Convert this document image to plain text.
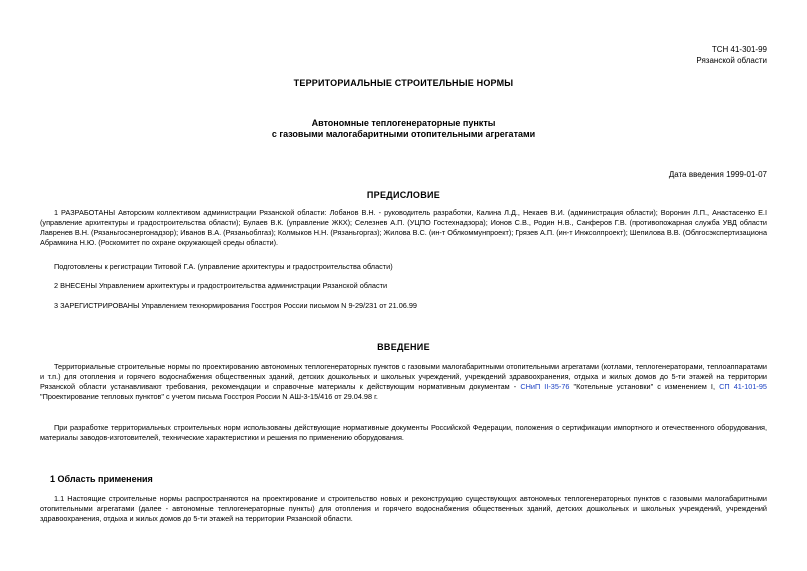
ТСН 41-301-99
Рязанской области
ТЕРРИТОРИАЛЬНЫЕ СТРОИТЕЛЬНЫЕ НОРМЫ
Автономные теплогенераторные пункты
с газовыми малогабаритными отопительными агрегатами
Дата введения 1999-01-07
ПРЕДИСЛОВИЕ

1 РАЗРАБОТАНЫ Авторским коллективом администрации Рязанской области: Лобанов В.Н. - руководитель разработки, Калина Л.Д., Некаев В.И. (администрация области); Воронин Л.П., Анастасенко Е.І (управление архитектуры и градостроительства области); Булаев В.К. (управление ЖКХ); Селезнев А.П. (УЦПО Гостехнадзора); Ионов С.В., Родин Н.В., Санферов Г.В. (противопожарная служба УВД области Лавренев В.Н. (Рязаньгосэнергонадзор); Иванов В.А. (Рязаньоблгаз); Колмыков Н.Н. (Рязаньгоргаз); Жилова В.С. (ин-т Облкоммунпроект); Грязев А.П. (ин-т Инжсолпроект); Шепилова В.В. (Облгосэкспертизациона Абрамкина Н.Ю. (Роскомитет по охране окружающей среды области).

Подготовлены к регистрации Титовой Г.А. (управление архитектуры и градостроительства области)

2 ВНЕСЕНЫ Управлением архитектуры и градостроительства администрации Рязанской области

3 ЗАРЕГИСТРИРОВАНЫ Управлением технормирования Госстроя России письмом N 9-29/231 от 21.06.99

ВВЕДЕНИЕ

Территориальные строительные нормы по проектированию автономных теплогенераторных пунктов с газовыми малогабаритными отопительными агрегатами (котлами, теплогенераторами, теплоаппаратами и т.п.) для отопления и горячего водоснабжения общественных зданий, детских дошкольных и школьных учреждений, учреждений здравоохранения, отдыха и жилых домов до 5-ти этажей на территории Рязанской области устанавливают требования, рекомендации и справочные материалы к действующим нормативным документам - СНиП II-35-76 "Котельные установки" с изменением I, СП 41-101-95 "Проектирование тепловых пунктов" с учетом письма Госстроя России N АШ-3-15/416 от 29.04.98 г.

При разработке территориальных строительных норм использованы действующие нормативные документы Российской Федерации, положения о сертификации импортного и отечественного оборудования, материалы заводов-изготовителей, технические характеристики и решения по применению оборудования.

1 Область применения

1.1 Настоящие строительные нормы распространяются на проектирование и строительство новых и реконструкцию существующих автономных теплогенераторных пунктов с газовыми малогабаритными отопительными агрегатами (далее - автономные теплогенераторные пункты) для отопления и горячего водоснабжения общественных зданий, детских дошкольных и школьных учреждений, учреждений здравоохранения, отдыха и жилых домов до 5-ти этажей на территории Рязанской области.
